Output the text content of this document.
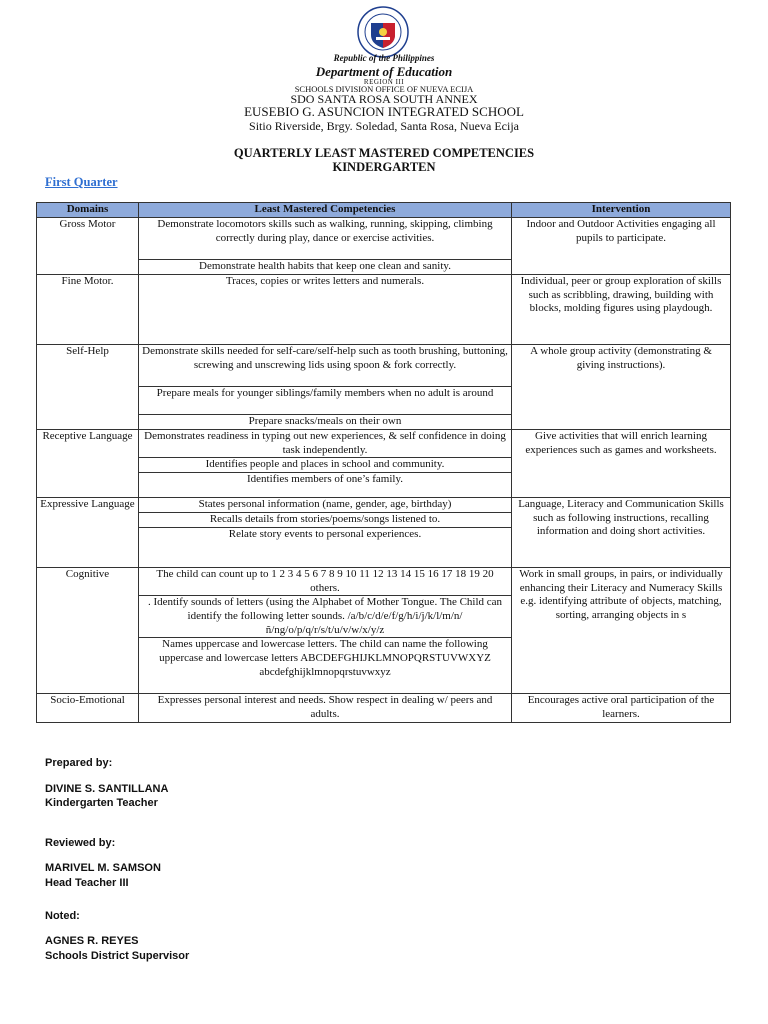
Republic of the Philippines
Department of Education
REGION III
SCHOOLS DIVISION OFFICE OF NUEVA ECIJA
SDO SANTA ROSA SOUTH ANNEX
EUSEBIO G. ASUNCION INTEGRATED SCHOOL
Sitio Riverside, Brgy. Soledad, Santa Rosa, Nueva Ecija
QUARTERLY LEAST MASTERED COMPETENCIES
KINDERGARTEN
First Quarter
Domains	Least Mastered Competencies	Intervention
Gross Motor	Demonstrate locomotors skills such as walking, running, skipping, climbing correctly during play, dance or exercise activities.	Indoor and Outdoor Activities engaging all pupils to participate.
	Demonstrate health habits that keep one clean and sanity.	
Fine Motor.	Traces, copies or writes letters and numerals.	Individual, peer or group exploration of skills such as scribbling, drawing, building with blocks, molding figures using playdough.
Self-Help	Demonstrate skills needed for self-care/self-help such as tooth brushing, buttoning, screwing and unscrewing lids using spoon & fork correctly.	A whole group activity (demonstrating & giving instructions).
	Prepare meals for younger siblings/family members when no adult is around	
	Prepare snacks/meals on their own	
Receptive Language	Demonstrates readiness in typing out new experiences, & self confidence in doing task independently.	Give activities that will enrich learning experiences such as games and worksheets.
	Identifies people and places in school and community.	
	Identifies members of one’s family.	
Expressive Language	States personal information (name, gender, age, birthday)	Language, Literacy and Communication Skills such as following instructions, recalling information and doing short activities.
	Recalls details from stories/poems/songs listened to.	
	Relate story events to personal experiences.	
Cognitive	The child can count up to 1 2 3 4 5 6 7 8 9 10 11 12 13 14 15 16 17 18 19 20 others.	Work in small groups, in pairs, or individually enhancing their Literacy and Numeracy Skills e.g. identifying attribute of objects, matching, sorting, arranging objects in s
	. Identify sounds of letters (using the Alphabet of Mother Tongue. The Child can identify the following letter sounds. /a/b/c/d/e/f/g/h/i/j/k/l/m/n/ñ/ng/o/p/q/r/s/t/u/v/w/x/y/z	
	Names uppercase and lowercase letters. The child can name the following uppercase and lowercase letters ABCDEFGHIJKLMNOPQRSTUVWXYZ abcdefghijklmnopqrstuvwxyz	
Socio-Emotional	Expresses personal interest and needs. Show respect in dealing w/ peers and adults.	Encourages active oral participation of the learners.
Prepared by:
DIVINE S. SANTILLANA
Kindergarten Teacher
Reviewed by:
MARIVEL M. SAMSON
Head Teacher III
Noted:
AGNES R. REYES
Schools District Supervisor
